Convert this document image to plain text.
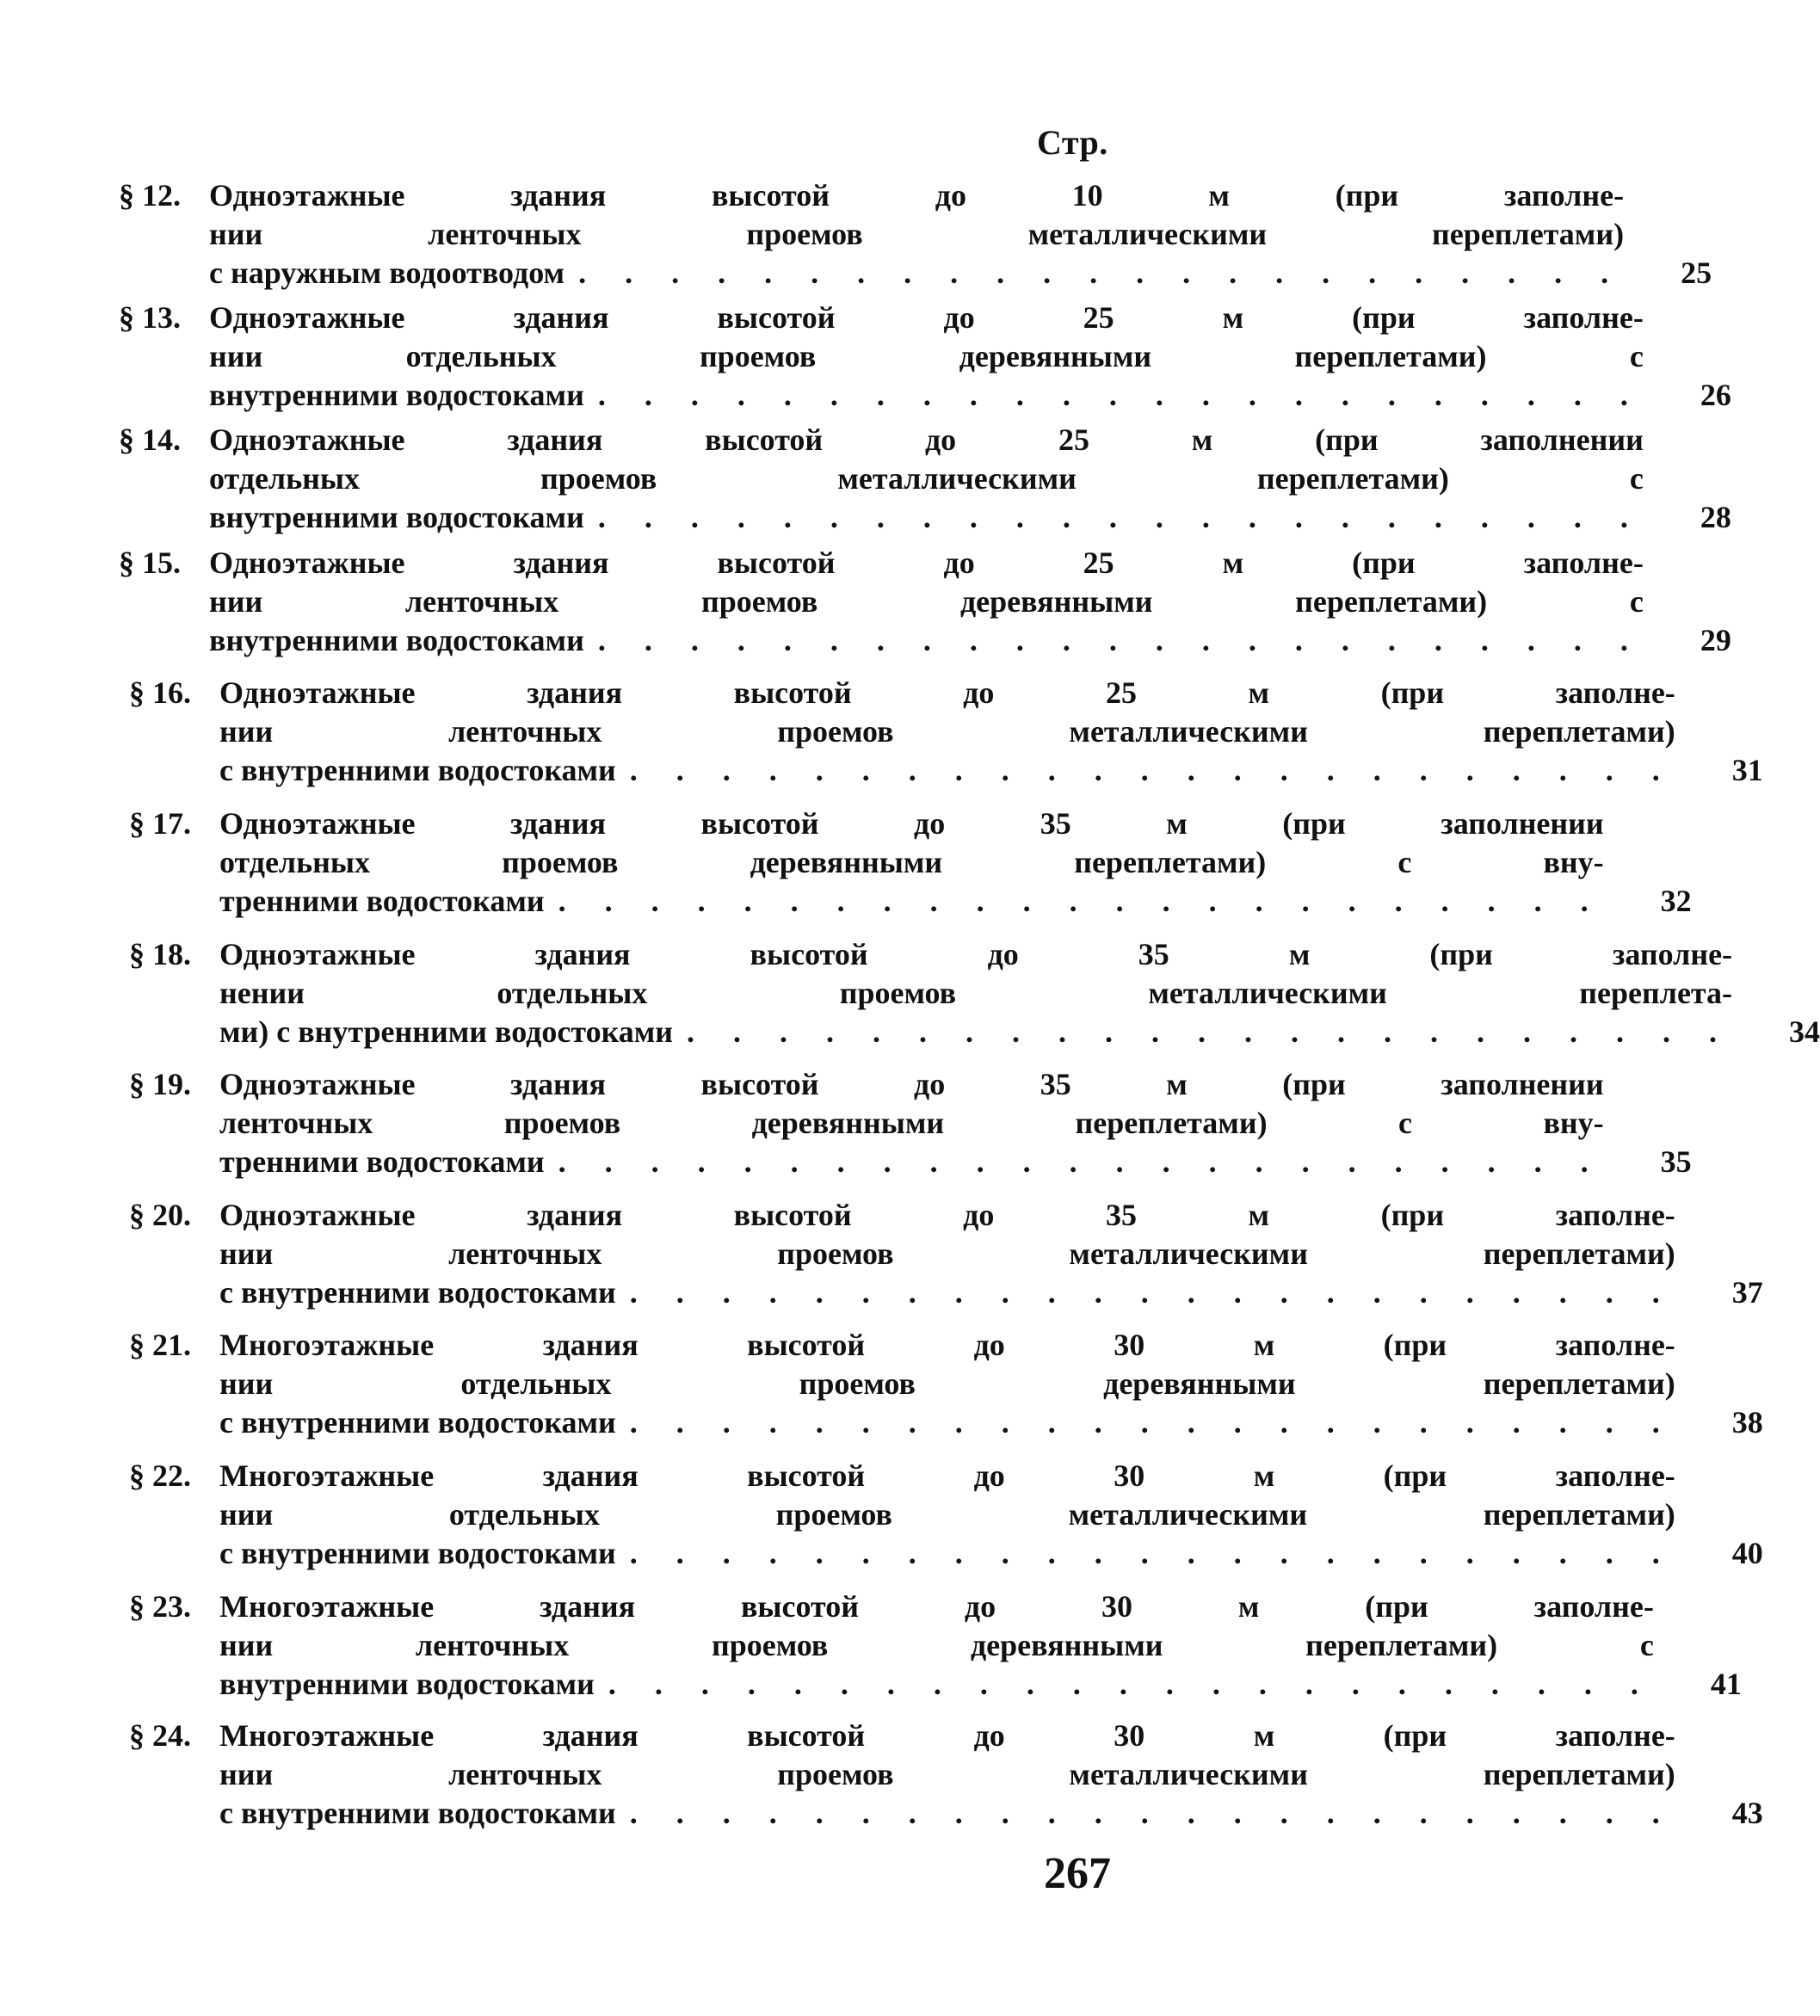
Стр.
§ 12. Одноэтажные здания высотой до 10 м (при заполне-
нии ленточных проемов металлическими переплетами)
с наружным водоотводом . . . . . . . . . . . . . . . . . . . . . . .	25
§ 13. Одноэтажные здания высотой до 25 м (при заполне-
нии отдельных проемов деревянными переплетами) с
внутренними водостоками . . . . . . . . . . . . . . . . . . . . . . .	26
§ 14. Одноэтажные здания высотой до 25 м (при заполнении
отдельных проемов металлическими переплетами) с
внутренними водостоками . . . . . . . . . . . . . . . . . . . . . . .	28
§ 15. Одноэтажные здания высотой до 25 м (при заполне-
нии ленточных проемов деревянными переплетами) с
внутренними водостоками . . . . . . . . . . . . . . . . . . . . . . .	29
§ 16. Одноэтажные здания высотой до 25 м (при заполне-
нии ленточных проемов металлическими переплетами)
с внутренними водостоками . . . . . . . . . . . . . . . . . . . . . . .	31
§ 17. Одноэтажные здания высотой до 35 м (при заполнении
отдельных проемов деревянными переплетами) с вну-
тренними водостоками . . . . . . . . . . . . . . . . . . . . . . .	32
§ 18. Одноэтажные здания высотой до 35 м (при заполне-
нении отдельных проемов металлическими переплета-
ми) с внутренними водостоками . . . . . . . . . . . . . . . . . . . . . . .	34
§ 19. Одноэтажные здания высотой до 35 м (при заполнении
ленточных проемов деревянными переплетами) с вну-
тренними водостоками . . . . . . . . . . . . . . . . . . . . . . .	35
§ 20. Одноэтажные здания высотой до 35 м (при заполне-
нии ленточных проемов металлическими переплетами)
с внутренними водостоками . . . . . . . . . . . . . . . . . . . . . . .	37
§ 21. Многоэтажные здания высотой до 30 м (при заполне-
нии отдельных проемов деревянными переплетами)
с внутренними водостоками . . . . . . . . . . . . . . . . . . . . . . .	38
§ 22. Многоэтажные здания высотой до 30 м (при заполне-
нии отдельных проемов металлическими переплетами)
с внутренними водостоками . . . . . . . . . . . . . . . . . . . . . . .	40
§ 23. Многоэтажные здания высотой до 30 м (при заполне-
нии ленточных проемов деревянными переплетами) с
внутренними водостоками . . . . . . . . . . . . . . . . . . . . . . .	41
§ 24. Многоэтажные здания высотой до 30 м (при заполне-
нии ленточных проемов металлическими переплетами)
с внутренними водостоками . . . . . . . . . . . . . . . . . . . . . . .	43
267
